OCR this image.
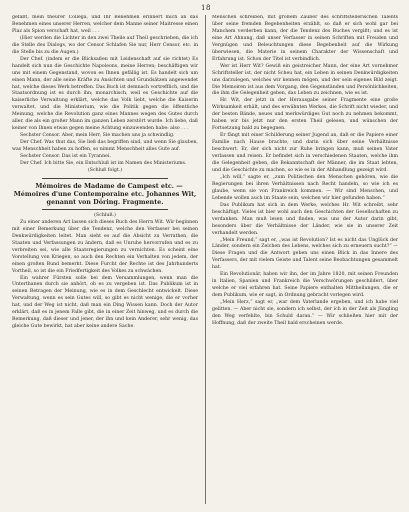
18

gefaßt, mein theurer Collega, und Ihr Benehmen erinnert mich an das Benehmen eines unserer Herren, welcher dem Manne seiner Maitresse einen Plaz als Spion verschaft hat, weil . . .

(Hier werden die Lichter in den zwei Theile auf Theil geschrieben, die ich die Stelle des Dialogs, wo der Censor Schlafen Sie nur, Herr Censor, etc. in die Stelle bis zu die Augen.)

Der Chef. (indem er die Blicksaßen mit Leidenschaft auf sie richtet) Es handelt sich nun die Geschichte Napoleons, meine Herren; beschäftigen wir uns mit einem Gegenstand, wovon es Ihnen gefällig ist. Es handelt sich um einen Mann, der alle seine Kräfte zu Ansichten und Grundsätzen angewendet hat, welche dieses Werk betreffen. Das Buch ist demnach vortrefflich, und die Staatsordnung ist es durch ihn; monarchisch, weil es Geschichte auf die kaiserliche Verwaltung erklärt, welche das Volk liebt, welche die Kaiserin verwaltet, und die Ministerium, wie die Politik gegen die öffentliche Meinung, welche die Revolution ganz eines Mannes wegen des Gutes durch aller, die als ein großer Mann im ganzen Leben zerstört wurde. Ich liebe, daß keiner von Ihnen etwas gegen meine Achtung einzuwenden habe: also . . .

Sechster Censor. Aber, mein Herr, Sie machen uns ja schwindlig.

Der Chef. Was thut das, Sie ließ das begriffen sind, und wenn Sie glauben, was Menschheit haben zu hoffen, so nimmt Menschheit alles Gute auf.

Sechster Censor. Das ist ein Tyrannei.

Der Chef. Ich bitte Sie, ein Entschluß ist im Namen des Ministeriums.

(Schluß folgt.)

Mémoires de Madame de Campest etc. — Mémoires d'une Contemporaine etc. Johannes Wit, genannt von Döring. Fragmente.

(Schluß.)

Zu einer anderen Art lassen sich dieses Buch des Herrn Wit. Wir beginnen mit einer Bemerkung über die Tendenz, welche den Verfasser bei seinen Denkwürdigkeiten leitet. Man sieht es auf die Absicht zu Verrathen, die Staaten und Verfassungen zu ändern, daß es Unruhe hervorrufen und es zu verbreiten sei, wie alle Staatsregierungen zu vernichten. Es scheint eine Vorstellung von Kriegen, so auch den Rechten ein Verhalten von jedem, der einen großen Bund bemerkt. Diese Furcht der Rechte ist des Jahrhunderts Vortheil, so ist die ein Friedfertigkeit des Volkes zu schwächen.

Ein wahrer Fürsten solle bei dem Versammlungen, wenn man die Unterthanen durch sie anhört, ob es zu vergeben ist. Das Publikum ist in seinen Betragen der Meinung, wie es in dem Geschlecht entwickelt. Diese Verwaltung, wenn es sein Gutes will, so gibt es nicht wenige, die er vorher hat, und der Weg ist nicht, daß man ein Ding Wissen kann. Doch der Autor erklärt, daß es in jenem Falle gibt, die in einer Zeit hinweg, und es durch die Bemerkung, daß dieser und jener, der ihn und kein Anderer, sehr wenig, das gleiche Gute bewirkt, hat aber keine andere Sache.

Menschen schreiben, mit großem Zauber des schriftstellerischen Talents über seine fremden Begebenheiten erzählt, so daß er sich wohl gar bei Manchem verderben kann, der die Tendenz des Buches vergißt; und es ist eine Art Ahnung, daß unser Verfasser in seinen Schriften mit Freuden und Vergnügen und Beleuchtungen diese Begebenheit auf die Wirkung überwiesen, die Materie in seinem Charakter der Wissenschaft und Erfahrung ist. Schon der Titel ist verbindlich.

Wer ist Herr Wit? Gewiß ein geistreicher Mann, der eine Art vornehmer Schriftsteller ist, der nicht Scheu hat, ein Leben in seinen Denkwürdigkeiten uns darzulegen, welches wir kennen mögen, und der sein eigenes Bild zeigt. Die Memoiren ist aus dem Vorgang, den Gegenständen und Persönlichkeiten, die ihm die Gelegenheit geben, das Leben zu zeichnen, wie es ist.

Hr. Wit, der jetzt in der Herausgabe seiner Fragmente eine große Wirksamkeit erhält, und des erwähnten Werkes, die Schrift nicht wieder, und der besten Bände, neues und merkwürdiges Gut noch zu nehmen bekommt, haben wir bis jetzt nur den ersten Theil gelesen, und wünschen der Fortsetzung bald zu begegnen.

Er fängt mit einer Schilderung seiner Jugend an, daß er die Papiere einer Familie nach Hause brachte, und darin sich über seine Verhältnisse beschwert. Er, der sich nicht zur Ruhe bringen kann, muß seinen Vater verlassen und reisen. Er befindet sich in verschiedenen Staaten, welche ihm die Gelegenheit geben, die Bekanntschaft der Männer, die im Staat lebten, und die Geschichte zu machen, so wie es in der Abhandlung gezeigt wird.

„Ich will,“ sagte er, „zum Politischen den Menschen gehören, wie die Regierungen bei ihren Verhältnissen nach Recht handeln, so wie ich es glaube, wenn sie von Frankreich kommen. — Wir sind Menschen, und Lebende wollen auch im Staate sein, welchen wir hier gefunden haben.“

Das Publikum hat sich in dem Werke, welches Hr. Wit schreibt, sehr beschäftigt. Vieles ist hier wohl auch den Geschichten der Gesellschaften zu verdanken. Man muß lesen und finden, was uns der Autor darin gibt, besonders über die Verhältnisse der Länder, wie sie in unserer Zeit verhandelt werden.

„Mein Freund,“ sagt er, „was ist Revolution? Ist es nicht das Unglück der Länder, sondern ein Zeichen des Lebens, welches sich zu erneuern sucht?“ — Diese Fragen und die Antwort geben uns einen Blick in das Innere des Verfassers, der mit vielem Geiste und Talent seine Beobachtungen gesammelt hat.

Ein Revolutionär, haben wir ihn, der im Jahre 1820, mit seinen Freunden in Italien, Spanien und Frankreich die Verschwörungen geschildert, über welche er viel erfahren hat. Seine Papiere enthalten Mittheilungen, die er dem Publikum, wie er sagt, in Ordnung gebracht vorlegen wird.

„Mein Herz,“ sagt er, „war dem Vaterlande ergeben, und ich habe viel gelitten. — Aber nicht sie, sondern ich selbst, der ich in der Zeit als Jüngling den Weg verfehlte, bin Schuld daran.“ — Wir schließen hier mit der Hoffnung, daß der zweite Theil bald erscheinen werde.
